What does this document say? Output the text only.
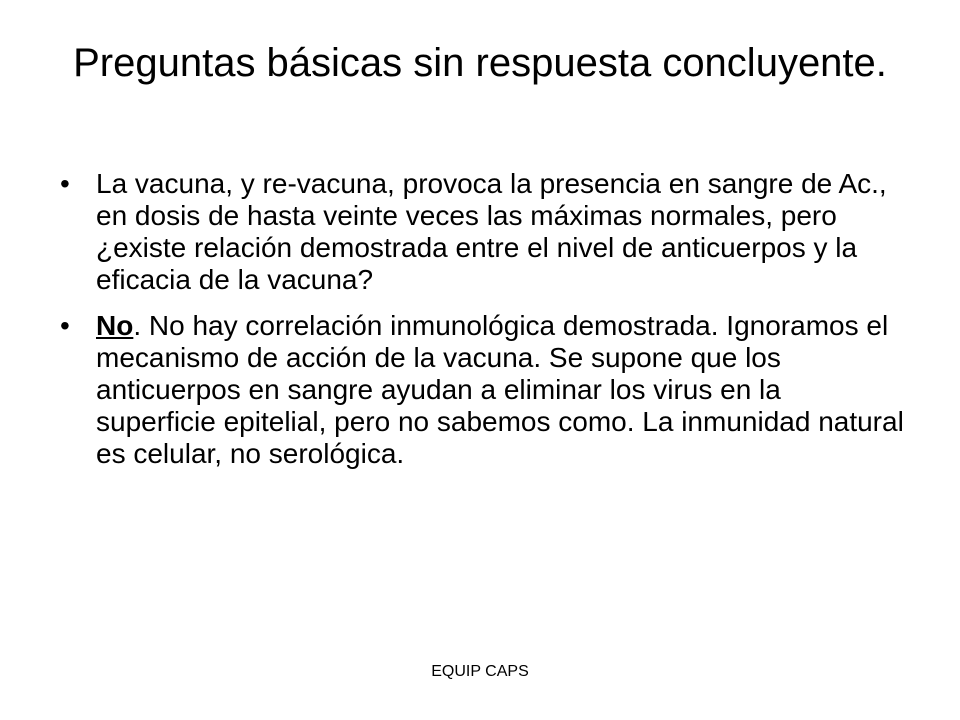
Preguntas básicas sin respuesta concluyente.
• La vacuna, y re-vacuna, provoca la presencia en sangre de Ac., en dosis de hasta veinte veces las máximas normales, pero ¿existe relación demostrada entre el nivel de anticuerpos y la eficacia de la vacuna?
• No. No hay correlación inmunológica demostrada. Ignoramos el mecanismo de acción de la vacuna. Se supone que los anticuerpos en sangre ayudan a eliminar los virus en la superficie epitelial, pero no sabemos como. La inmunidad natural es celular, no serológica.
EQUIP CAPS
